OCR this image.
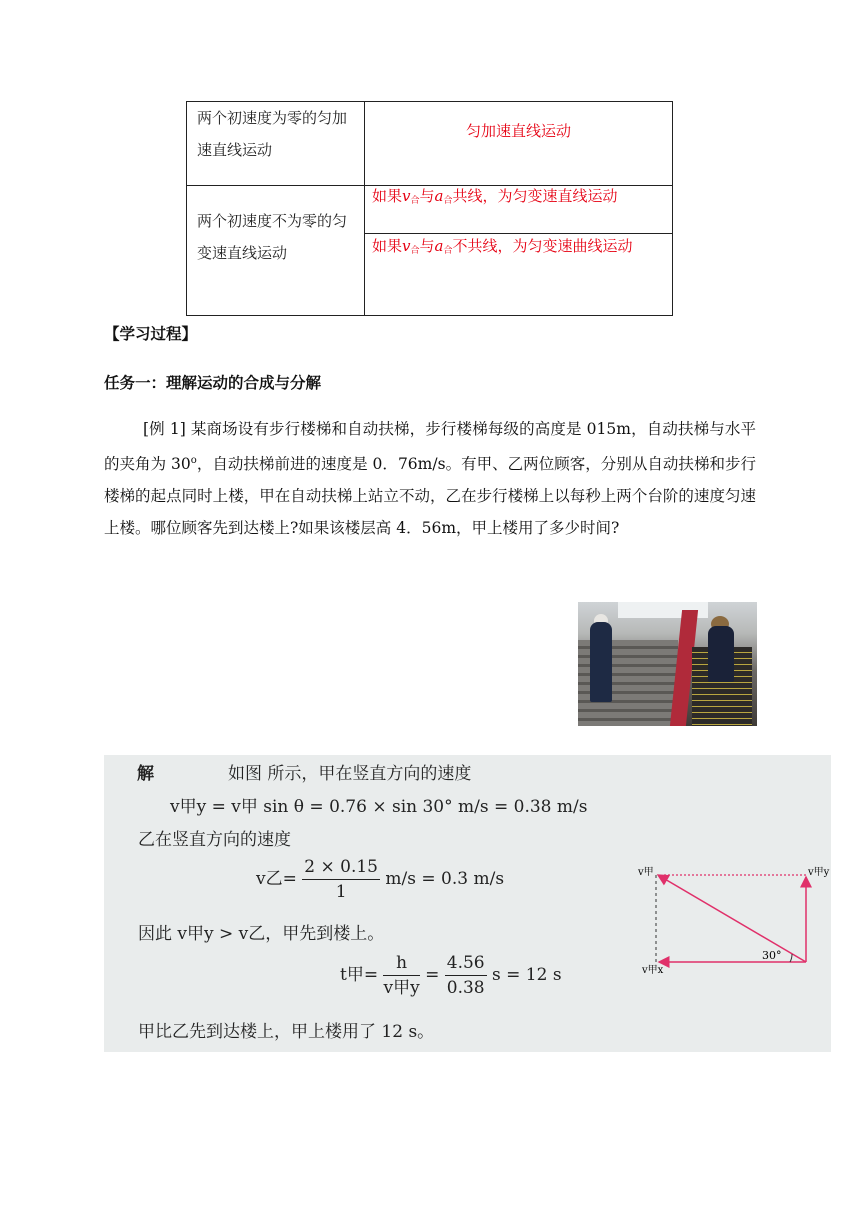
两个初速度为零的匀加速直线运动
匀加速直线运动
两个初速度不为零的匀变速直线运动
如果$v_合$与$a_合$共线，为匀变速直线运动
如果$v_合$与$a_合$不共线，为匀变速曲线运动
【学习过程】
任务一：理解运动的合成与分解
[例 1] 某商场设有步行楼梯和自动扶梯，步行楼梯每级的高度是 015m，自动扶梯与水平的夹角为 30$^o$，自动扶梯前进的速度是 0．76m/s。有甲、乙两位顾客，分别从自动扶梯和步行楼梯的起点同时上楼，甲在自动扶梯上站立不动，乙在步行楼梯上以每秒上两个台阶的速度匀速上楼。哪位顾客先到达楼上?如果该楼层高 4．56m，甲上楼用了多少时间?
解	如图 所示，甲在竖直方向的速度
v甲y = v甲 sin θ = 0.76 × sin 30° m/s = 0.38 m/s
乙在竖直方向的速度
v乙= $\frac{2 \times 0.15}{1} m/s = 0.3$ m/s
因此 v甲y > v乙，甲先到楼上。
t甲= $\frac{h}{\text{v甲y}} = \frac{4.56}{0.38}$ s = 12 s
甲比乙先到达楼上，甲上楼用了 12 s。
v甲	v甲y
v甲x
30°
